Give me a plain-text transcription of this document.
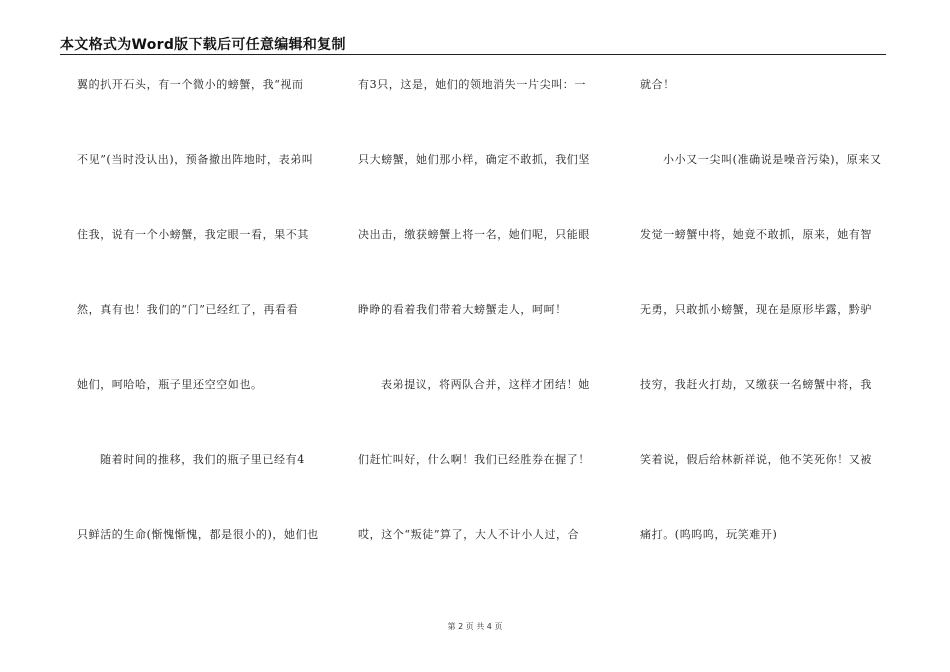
本文格式为Word版下载后可任意编辑和复制
翼的扒开石头，有一个微小的螃蟹，我“视而
不见”(当时没认出)，预备撤出阵地时，表弟叫
住我，说有一个小螃蟹，我定眼一看，果不其
然，真有也！我们的“门”已经红了，再看看
她们，呵哈哈，瓶子里还空空如也。
随着时间的推移，我们的瓶子里已经有4
只鲜活的生命(惭愧惭愧，都是很小的)，她们也
有3只，这是，她们的领地消失一片尖叫：一
只大螃蟹，她们那小样，确定不敢抓，我们坚
决出击，缴获螃蟹上将一名，她们呢，只能眼
睁睁的看着我们带着大螃蟹走人，呵呵！
表弟提议，将两队合并，这样才团结！她
们赶忙叫好，什么啊！我们已经胜券在握了！
哎，这个“叛徒”算了，大人不计小人过，合
就合！
小小又一尖叫(准确说是噪音污染)，原来又
发觉一螃蟹中将，她竟不敢抓，原来，她有智
无勇，只敢抓小螃蟹，现在是原形毕露，黔驴
技穷，我赶火打劫，又缴获一名螃蟹中将，我
笑着说，假后给林新祥说，他不笑死你！又被
痛打。(呜呜呜，玩笑难开)
第 2 页 共 4 页
